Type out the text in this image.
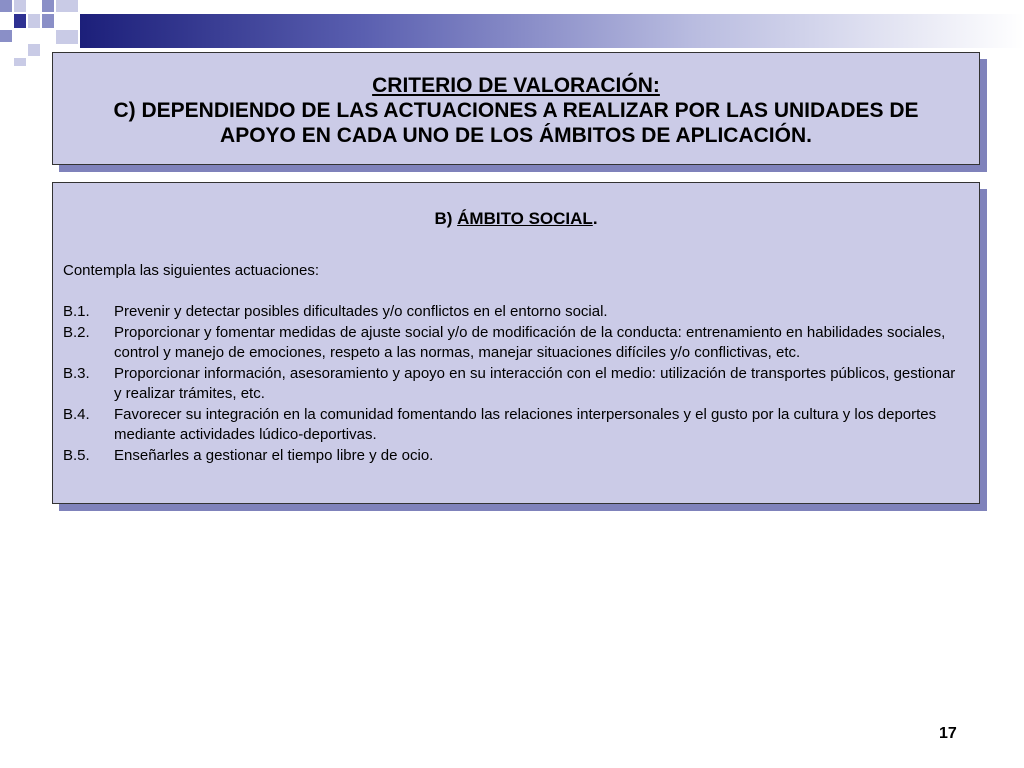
CRITERIO DE VALORACIÓN:
C) DEPENDIENDO DE LAS ACTUACIONES A REALIZAR POR LAS UNIDADES DE
APOYO EN CADA UNO DE LOS ÁMBITOS DE APLICACIÓN.
B) ÁMBITO SOCIAL.
Contempla las siguientes actuaciones:
B.1.	Prevenir y detectar posibles dificultades y/o conflictos en el entorno social.
B.2.	Proporcionar y fomentar medidas de ajuste social y/o de modificación de la conducta: entrenamiento en habilidades sociales, control y manejo de emociones, respeto a las normas, manejar situaciones difíciles y/o conflictivas, etc.
B.3.	Proporcionar información, asesoramiento y apoyo en su interacción con el medio: utilización de transportes públicos, gestionar y realizar trámites, etc.
B.4.	Favorecer su integración en la comunidad fomentando las relaciones interpersonales y el gusto por la cultura y los deportes mediante actividades lúdico-deportivas.
B.5.	Enseñarles a gestionar el tiempo libre y de ocio.
17
